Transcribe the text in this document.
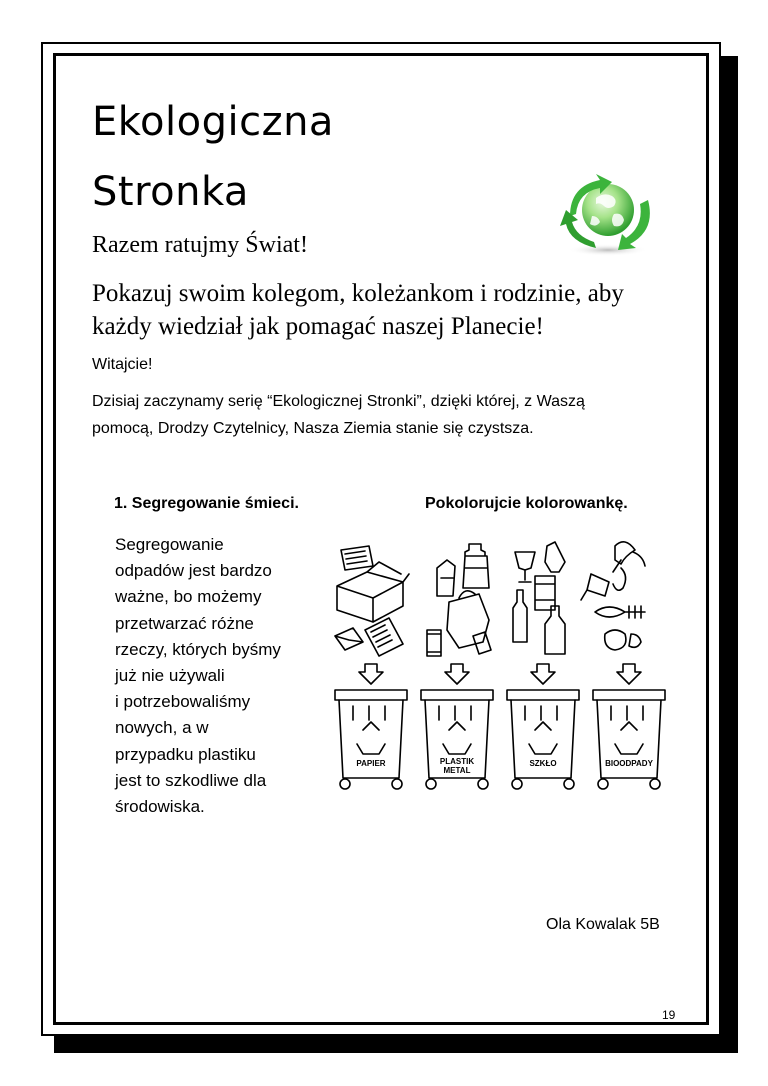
Ekologiczna
Stronka
Razem ratujmy Świat!
Pokazuj swoim kolegom, koleżankom i rodzinie, aby
każdy wiedział jak pomagać naszej Planecie!
Witajcie!
Dzisiaj zaczynamy serię “Ekologicznej Stronki”, dzięki której, z Waszą
pomocą, Drodzy Czytelnicy, Nasza Ziemia stanie się czystsza.
1. Segregowanie śmieci.	Pokolorujcie kolorowankę.
Segregowanie
odpadów jest bardzo
ważne, bo możemy
przetwarzać różne
rzeczy, których byśmy
już nie używali
i potrzebowaliśmy
nowych, a w
przypadku plastiku
jest to szkodliwe dla
środowiska.
PAPIER	PLASTIK
METAL
SZKŁO	BIOODPADY
Ola Kowalak 5B
19
